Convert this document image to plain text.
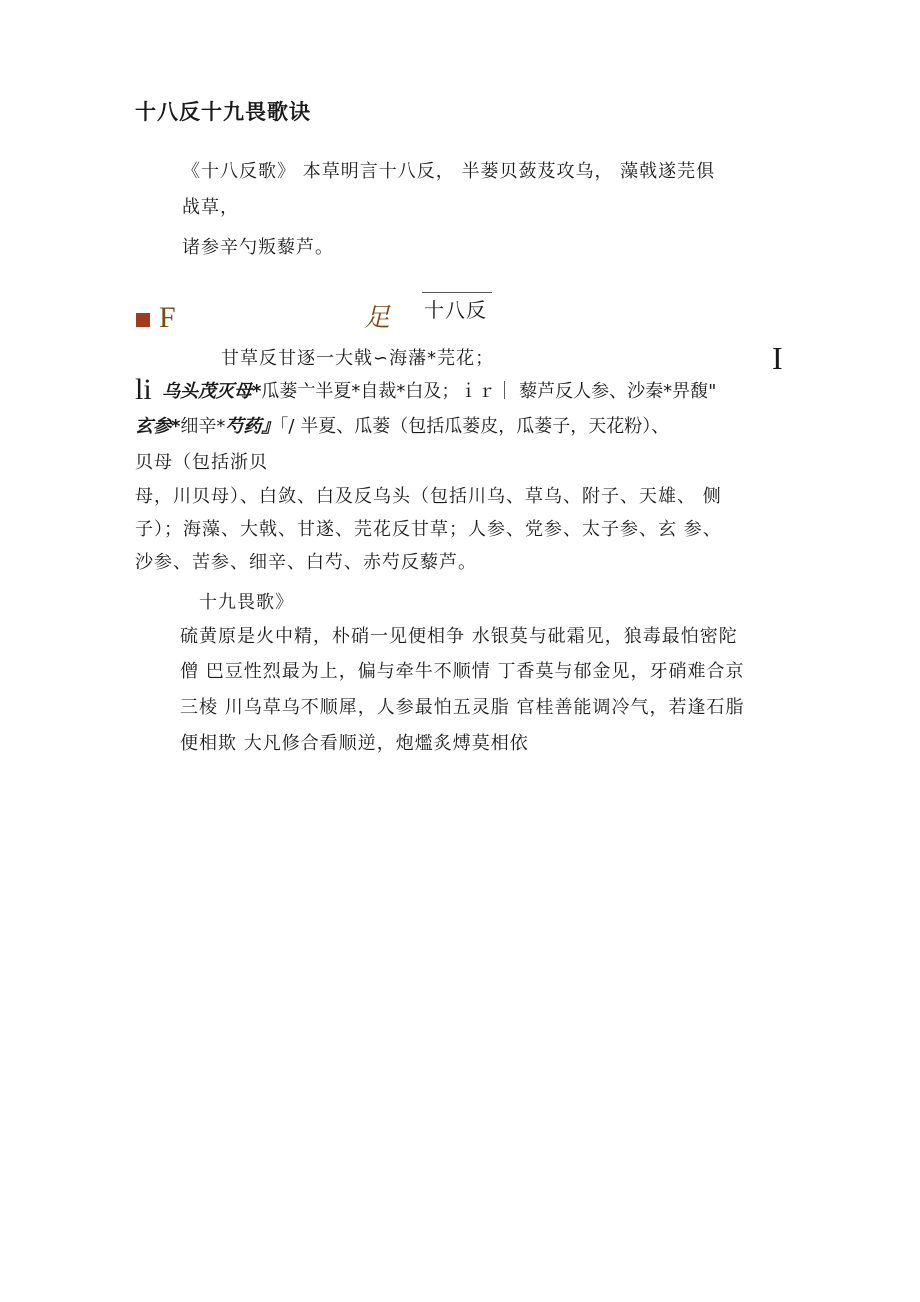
十八反十九畏歌诀
《十八反歌》 本草明言十八反， 半蒌贝蔹芨攻乌， 藻戟遂芫俱
战草，
诸参辛勺叛藜芦。
F	足 十八反
I
li
甘草反甘逐一大戟∽海藩*芫花；
乌头茂灭母*瓜蒌亠半夏*自裁*白及；ｉｒ｜ 藜芦反人参、沙秦*畀馥"
玄参*细辛*芍药』「/ 半夏、瓜蒌（包括瓜蒌皮，瓜蒌子，天花粉）、
贝母（包括浙贝
母，川贝母）、白敛、白及反乌头（包括川乌、草乌、附子、天雄、 侧
子）；海藻、大戟、甘遂、芫花反甘草；人参、党参、太子参、玄 参、
沙参、苦参、细辛、白芍、赤芍反藜芦。
十九畏歌》
硫黄原是火中精，朴硝一见便相争 水银莫与砒霜见，狼毒最怕密陀
僧 巴豆性烈最为上，偏与牵牛不顺情 丁香莫与郁金见，牙硝难合京
三棱 川乌草乌不顺犀，人参最怕五灵脂 官桂善能调冷气，若逢石脂
便相欺 大凡修合看顺逆，炮爁炙煿莫相依
